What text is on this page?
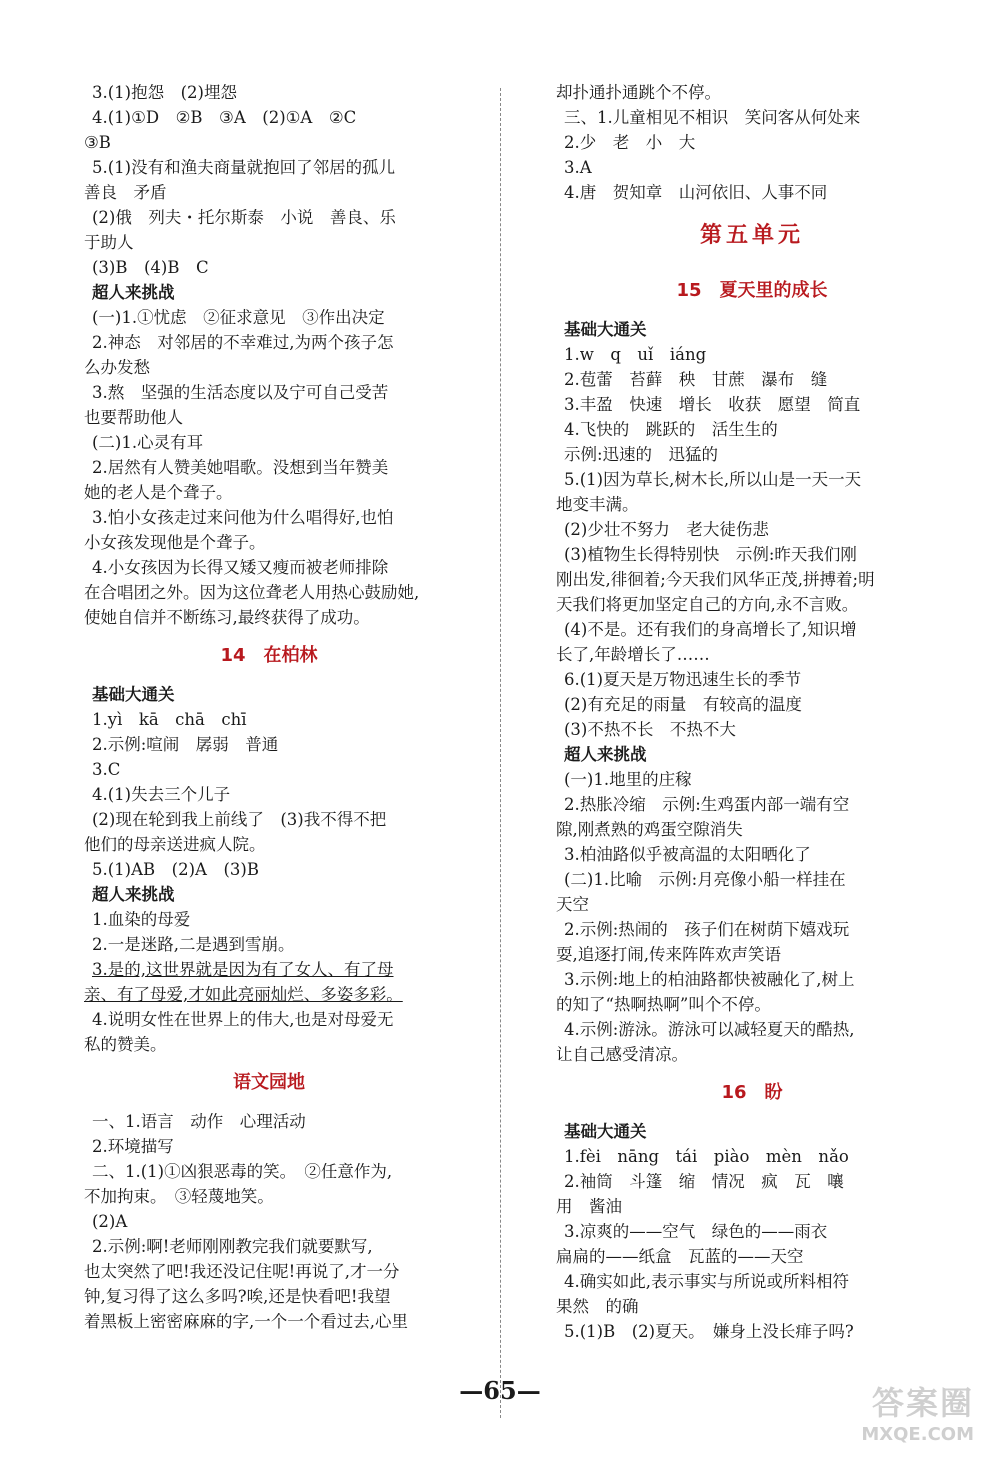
3.(1)抱怨　(2)埋怨
4.(1)①D　②B　③A　(2)①A　②C
③B
5.(1)没有和渔夫商量就抱回了邻居的孤儿
善良　矛盾
(2)俄　列夫・托尔斯泰　小说　善良、乐
于助人
(3)B　(4)B　C
超人来挑战
(一)1.①忧虑　②征求意见　③作出决定
2.神态　对邻居的不幸难过,为两个孩子怎
么办发愁
3.熬　坚强的生活态度以及宁可自己受苦
也要帮助他人
(二)1.心灵有耳
2.居然有人赞美她唱歌。没想到当年赞美
她的老人是个聋子。
3.怕小女孩走过来问他为什么唱得好,也怕
小女孩发现他是个聋子。
4.小女孩因为长得又矮又瘦而被老师排除
在合唱团之外。因为这位聋老人用热心鼓励她,
使她自信并不断练习,最终获得了成功。
14　在柏林
基础大通关
1.yì　kā　chā　chī
2.示例:喧闹　孱弱　普通
3.C
4.(1)失去三个儿子
(2)现在轮到我上前线了　(3)我不得不把
他们的母亲送进疯人院。
5.(1)AB　(2)A　(3)B
超人来挑战
1.血染的母爱
2.一是迷路,二是遇到雪崩。
3.是的,这世界就是因为有了女人、有了母
亲、有了母爱,才如此亮丽灿烂、多姿多彩。
4.说明女性在世界上的伟大,也是对母爱无
私的赞美。
语文园地
一、1.语言　动作　心理活动
2.环境描写
二、1.(1)①凶狠恶毒的笑。　②任意作为,
不加拘束。　③轻蔑地笑。
(2)A
2.示例:啊!老师刚刚教完我们就要默写,
也太突然了吧!我还没记住呢!再说了,才一分
钟,复习得了这么多吗?唉,还是快看吧!我望
着黑板上密密麻麻的字,一个一个看过去,心里
却扑通扑通跳个不停。
三、1.儿童相见不相识　笑问客从何处来
2.少　老　小　大
3.A
4.唐　贺知章　山河依旧、人事不同
第五单元
15　夏天里的成长
基础大通关
1.w　q　uǐ　iáng
2.苞蕾　苔藓　秧　甘蔗　瀑布　缝
3.丰盈　快速　增长　收获　愿望　简直
4.飞快的　跳跃的　活生生的
示例:迅速的　迅猛的
5.(1)因为草长,树木长,所以山是一天一天
地变丰满。
(2)少壮不努力　老大徒伤悲
(3)植物生长得特别快　示例:昨天我们刚
刚出发,徘徊着;今天我们风华正茂,拼搏着;明
天我们将更加坚定自己的方向,永不言败。
(4)不是。还有我们的身高增长了,知识增
长了,年龄增长了……
6.(1)夏天是万物迅速生长的季节
(2)有充足的雨量　有较高的温度
(3)不热不长　不热不大
超人来挑战
(一)1.地里的庄稼
2.热胀冷缩　示例:生鸡蛋内部一端有空
隙,刚煮熟的鸡蛋空隙消失
3.柏油路似乎被高温的太阳晒化了
(二)1.比喻　示例:月亮像小船一样挂在
天空
2.示例:热闹的　孩子们在树荫下嬉戏玩
耍,追逐打闹,传来阵阵欢声笑语
3.示例:地上的柏油路都快被融化了,树上
的知了“热啊热啊”叫个不停。
4.示例:游泳。游泳可以减轻夏天的酷热,
让自己感受清凉。
16　盼
基础大通关
1.fèi　nāng　tái　piào　mèn　nǎo
2.袖筒　斗篷　缩　情况　疯　瓦　嚷
用　酱油
3.凉爽的——空气　绿色的——雨衣
扁扁的——纸盒　瓦蓝的——天空
4.确实如此,表示事实与所说或所料相符
果然　的确
5.(1)B　(2)夏天。　嫌身上没长痱子吗?
—65—	答案圈
MXQE.COM
